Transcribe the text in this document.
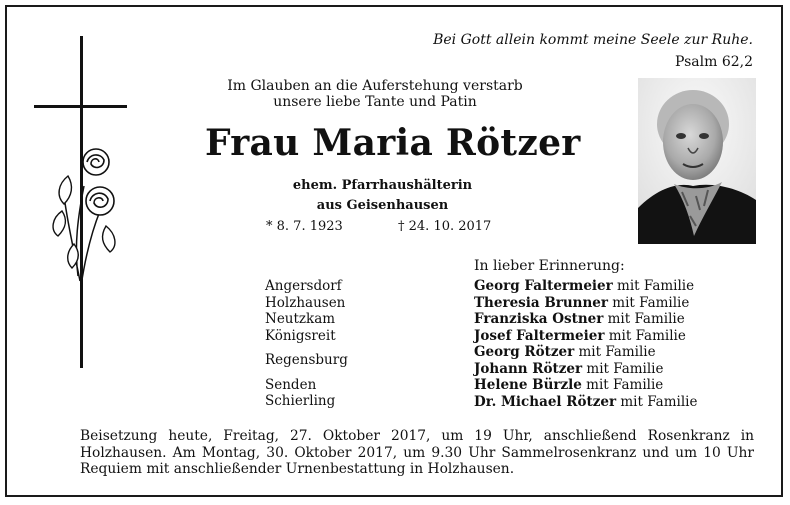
Bei Gott allein kommt meine Seele zur Ruhe.
Psalm 62,2
Im Glauben an die Auferstehung verstarb
unsere liebe Tante und Patin
Frau Maria Rötzer
ehem. Pfarrhaushälterin
aus Geisenhausen
* 8. 7. 1923	† 24. 10. 2017
In lieber Erinnerung:
Angersdorf
Holzhausen
Neutzkam
Königsreit
Regensburg
Senden
Schierling
Georg Faltermeier mit Familie
Theresia Brunner mit Familie
Franziska Ostner mit Familie
Josef Faltermeier mit Familie
Georg Rötzer mit Familie
Johann Rötzer mit Familie
Helene Bürzle mit Familie
Dr. Michael Rötzer mit Familie
Beisetzung heute, Freitag, 27. Oktober 2017, um 19 Uhr, anschließend Rosenkranz in Holzhausen. Am Montag, 30. Oktober 2017, um 9.30 Uhr Sammelrosenkranz und um 10 Uhr Requiem mit anschließender Urnenbestattung in Holzhausen.
